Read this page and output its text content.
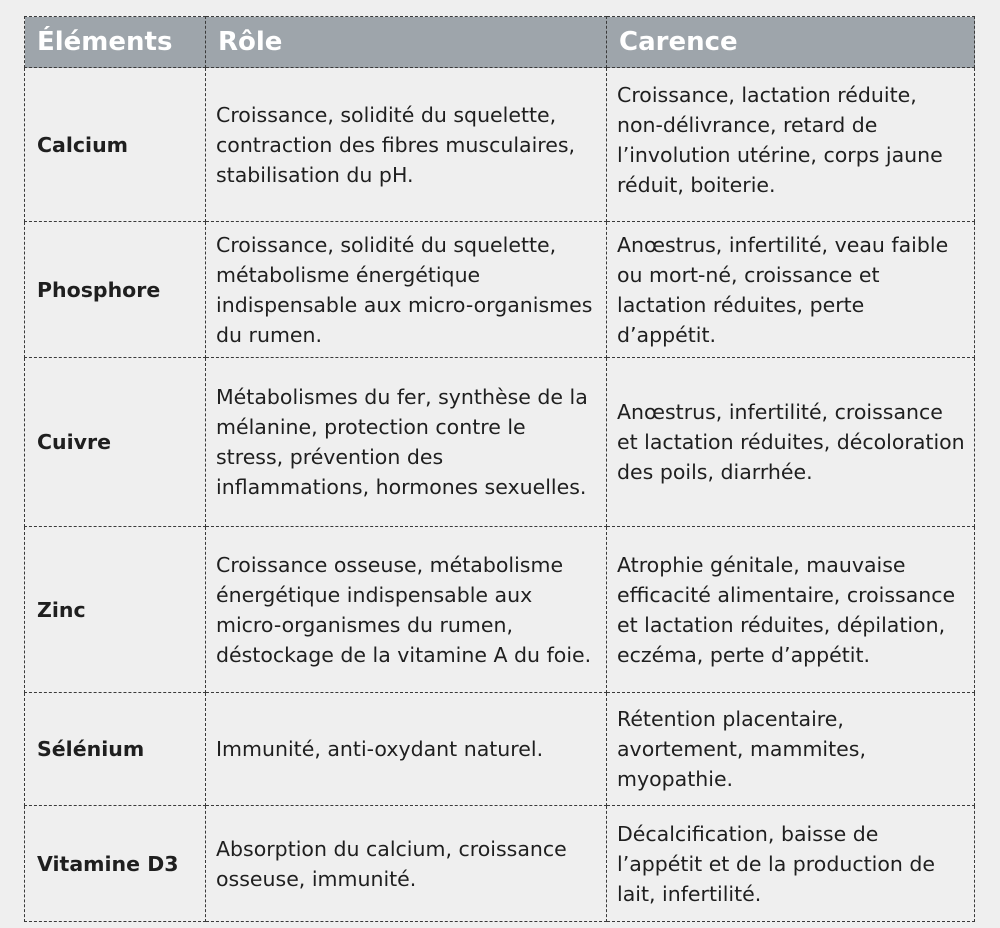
Éléments	Rôle	Carence
Calcium	Croissance, solidité du squelette, contraction des fibres musculaires, stabilisation du pH.	Croissance, lactation réduite, non-délivrance, retard de l’involution utérine, corps jaune réduit, boiterie.
Phosphore	Croissance, solidité du squelette, métabolisme énergétique indispensable aux micro-organismes du rumen.	Anœstrus, infertilité, veau faible ou mort-né, croissance et lactation réduites, perte d’appétit.
Cuivre	Métabolismes du fer, synthèse de la mélanine, protection contre le stress, prévention des inflammations, hormones sexuelles.	Anœstrus, infertilité, croissance et lactation réduites, décoloration des poils, diarrhée.
Zinc	Croissance osseuse, métabolisme énergétique indispensable aux micro-organismes du rumen, déstockage de la vitamine A du foie.	Atrophie génitale, mauvaise efficacité alimentaire, croissance et lactation réduites, dépilation, eczéma, perte d’appétit.
Sélénium	Immunité, anti-oxydant naturel.	Rétention placentaire, avortement, mammites, myopathie.
Vitamine D3	Absorption du calcium, croissance osseuse, immunité.	Décalcification, baisse de l’appétit et de la production de lait, infertilité.
